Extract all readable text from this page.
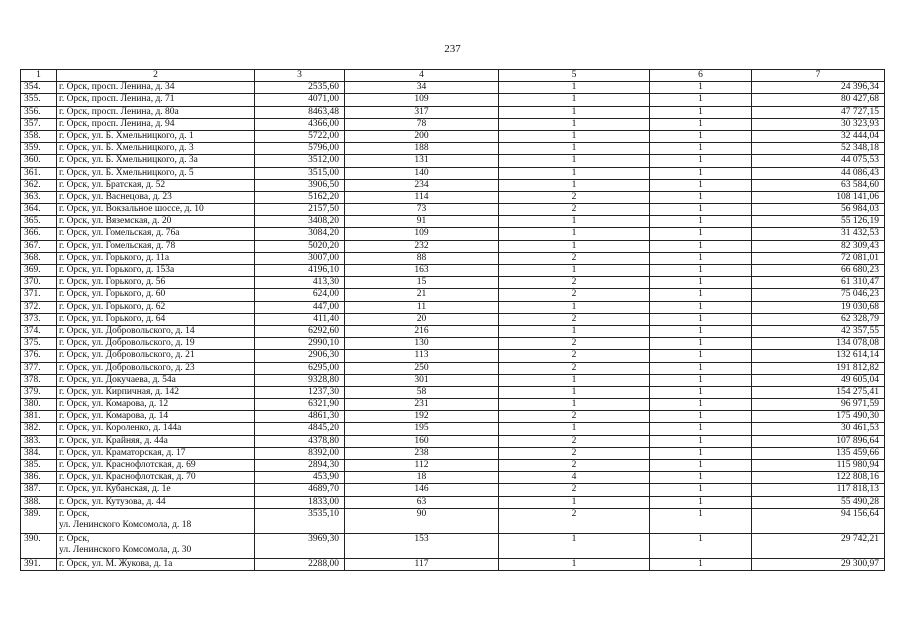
237
1	2	3	4	5	6	7
354.	г. Орск, просп. Ленина, д. 34	2535,60	34	1	1	24 396,34
355.	г. Орск, просп. Ленина, д. 71	4071,00	109	1	1	80 427,68
356.	г. Орск, просп. Ленина, д. 80а	8463,48	317	1	1	47 727,15
357.	г. Орск, просп. Ленина, д. 94	4366,00	78	1	1	30 323,93
358.	г. Орск, ул. Б. Хмельницкого, д. 1	5722,00	200	1	1	32 444,04
359.	г. Орск, ул. Б. Хмельницкого, д. 3	5796,00	188	1	1	52 348,18
360.	г. Орск, ул. Б. Хмельницкого, д. 3а	3512,00	131	1	1	44 075,53
361.	г. Орск, ул. Б. Хмельницкого, д. 5	3515,00	140	1	1	44 086,43
362.	г. Орск, ул. Братская, д. 52	3906,50	234	1	1	63 584,60
363.	г. Орск, ул. Васнецова, д. 23	5162,20	114	2	1	108 141,06
364.	г. Орск, ул. Вокзальное шоссе, д. 10	2157,50	73	2	1	56 984,03
365.	г. Орск, ул. Вяземская, д. 20	3408,20	91	1	1	55 126,19
366.	г. Орск, ул. Гомельская, д. 76а	3084,20	109	1	1	31 432,53
367.	г. Орск, ул. Гомельская, д. 78	5020,20	232	1	1	82 309,43
368.	г. Орск, ул. Горького, д. 11а	3007,00	88	2	1	72 081,01
369.	г. Орск, ул. Горького, д. 153а	4196,10	163	1	1	66 680,23
370.	г. Орск, ул. Горького, д. 56	413,30	15	2	1	61 310,47
371.	г. Орск, ул. Горького, д. 60	624,00	21	2	1	75 046,23
372.	г. Орск, ул. Горького, д. 62	447,00	11	1	1	19 030,68
373.	г. Орск, ул. Горького, д. 64	411,40	20	2	1	62 328,79
374.	г. Орск, ул. Добровольского, д. 14	6292,60	216	1	1	42 357,55
375.	г. Орск, ул. Добровольского, д. 19	2990,10	130	2	1	134 078,08
376.	г. Орск, ул. Добровольского, д. 21	2906,30	113	2	1	132 614,14
377.	г. Орск, ул. Добровольского, д. 23	6295,00	250	2	1	191 812,82
378.	г. Орск, ул. Докучаева, д. 54а	9328,80	301	1	1	49 605,04
379.	г. Орск, ул. Кирпичная, д. 142	1237,30	58	1	1	154 275,41
380.	г. Орск, ул. Комарова, д. 12	6321,90	231	1	1	96 971,59
381.	г. Орск, ул. Комарова, д. 14	4861,30	192	2	1	175 490,30
382.	г. Орск, ул. Короленко, д. 144а	4845,20	195	1	1	30 461,53
383.	г. Орск, ул. Крайняя, д. 44а	4378,80	160	2	1	107 896,64
384.	г. Орск, ул. Краматорская, д. 17	8392,00	238	2	1	135 459,66
385.	г. Орск, ул. Краснофлотская, д. 69	2894,30	112	2	1	115 980,94
386.	г. Орск, ул. Краснофлотская, д. 70	453,90	18	4	1	122 808,16
387.	г. Орск, ул. Кубанская, д. 1е	4689,70	146	2	1	117 818,13
388.	г. Орск, ул. Кутузова, д. 44	1833,00	63	1	1	55 490,28
389.	г. Орск,
ул. Ленинского Комсомола, д. 18	3535,10	90	2	1	94 156,64
390.	г. Орск,
ул. Ленинского Комсомола, д. 30	3969,30	153	1	1	29 742,21
391.	г. Орск, ул. М. Жукова, д. 1а	2288,00	117	1	1	29 300,97
